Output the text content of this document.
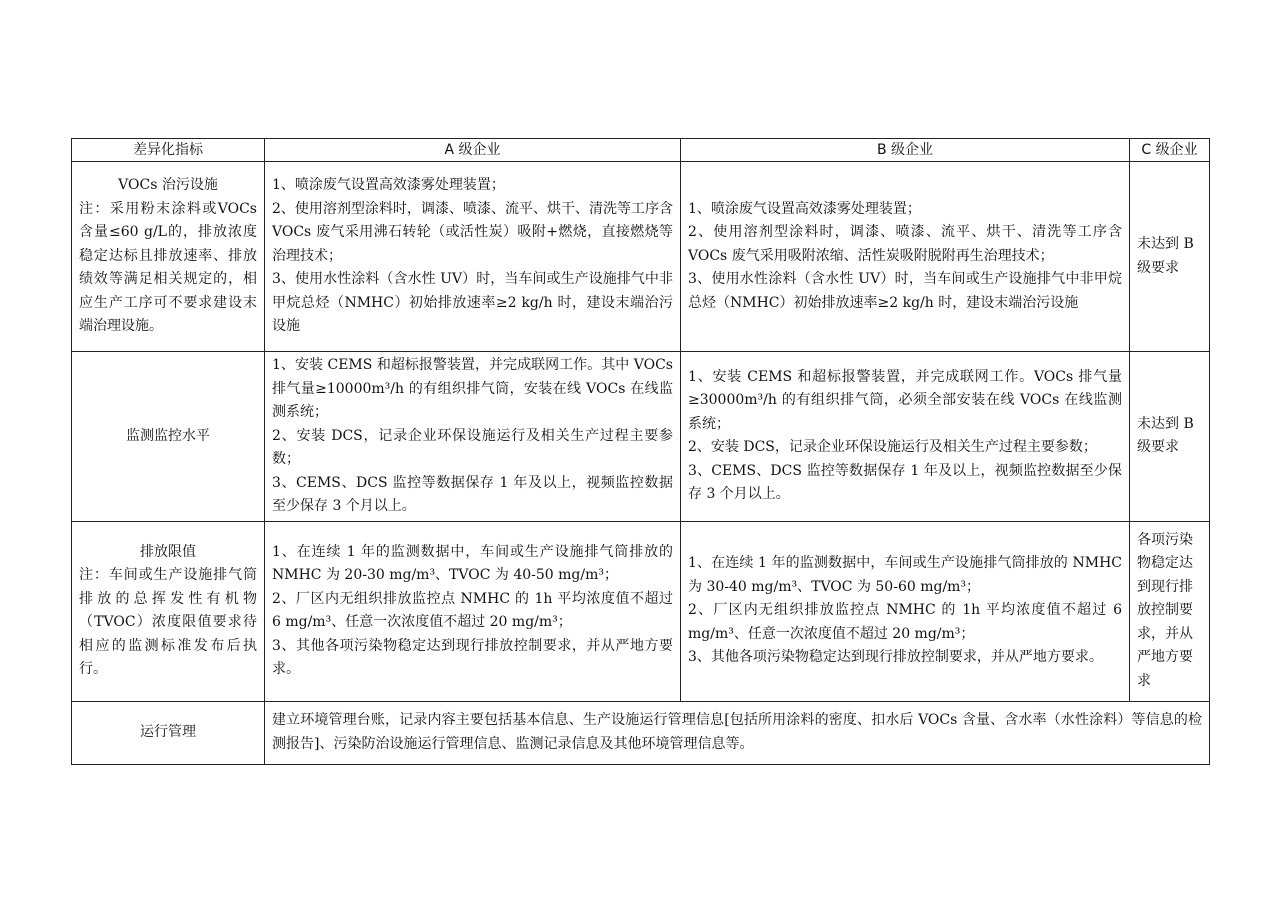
差异化指标	A 级企业	B 级企业	C 级企业

VOCs 治污设施
注：采用粉末涂料或VOCs含量≤60 g/L的，排放浓度稳定达标且排放速率、排放绩效等满足相关规定的，相应生产工序可不要求建设末端治理设施。	1、喷涂废气设置高效漆雾处理装置；
2、使用溶剂型涂料时，调漆、喷漆、流平、烘干、清洗等工序含 VOCs 废气采用沸石转轮（或活性炭）吸附+燃烧，直接燃烧等治理技术；
3、使用水性涂料（含水性 UV）时，当车间或生产设施排气中非甲烷总烃（NMHC）初始排放速率≥2 kg/h 时，建设末端治污设施	1、喷涂废气设置高效漆雾处理装置；
2、使用溶剂型涂料时，调漆、喷漆、流平、烘干、清洗等工序含 VOCs 废气采用吸附浓缩、活性炭吸附脱附再生治理技术；
3、使用水性涂料（含水性 UV）时，当车间或生产设施排气中非甲烷总烃（NMHC）初始排放速率≥2 kg/h 时，建设末端治污设施	未达到 B 级要求
监测监控水平	1、安装 CEMS 和超标报警装置，并完成联网工作。其中 VOCs 排气量≥10000m³/h 的有组织排气筒，安装在线 VOCs 在线监测系统；
2、安装 DCS，记录企业环保设施运行及相关生产过程主要参数；
3、CEMS、DCS 监控等数据保存 1 年及以上，视频监控数据至少保存 3 个月以上。	1、安装 CEMS 和超标报警装置，并完成联网工作。VOCs 排气量≥30000m³/h 的有组织排气筒，必须全部安装在线 VOCs 在线监测系统；
2、安装 DCS，记录企业环保设施运行及相关生产过程主要参数；
3、CEMS、DCS 监控等数据保存 1 年及以上，视频监控数据至少保存 3 个月以上。	未达到 B 级要求

排放限值
注：车间或生产设施排气筒排放的总挥发性有机物（TVOC）浓度限值要求待相应的监测标准发布后执行。	1、在连续 1 年的监测数据中，车间或生产设施排气筒排放的 NMHC 为 20-30 mg/m³、TVOC 为 40-50 mg/m³；
2、厂区内无组织排放监控点 NMHC 的 1h 平均浓度值不超过 6 mg/m³、任意一次浓度值不超过 20 mg/m³；
3、其他各项污染物稳定达到现行排放控制要求，并从严地方要求。	1、在连续 1 年的监测数据中，车间或生产设施排气筒排放的 NMHC 为 30-40 mg/m³、TVOC 为 50-60 mg/m³；
2、厂区内无组织排放监控点 NMHC 的 1h 平均浓度值不超过 6 mg/m³、任意一次浓度值不超过 20 mg/m³；
3、其他各项污染物稳定达到现行排放控制要求，并从严地方要求。	各项污染物稳定达到现行排放控制要求，并从严地方要求
运行管理	建立环境管理台账，记录内容主要包括基本信息、生产设施运行管理信息[包括所用涂料的密度、扣水后 VOCs 含量、含水率（水性涂料）等信息的检测报告]、污染防治设施运行管理信息、监测记录信息及其他环境管理信息等。		
